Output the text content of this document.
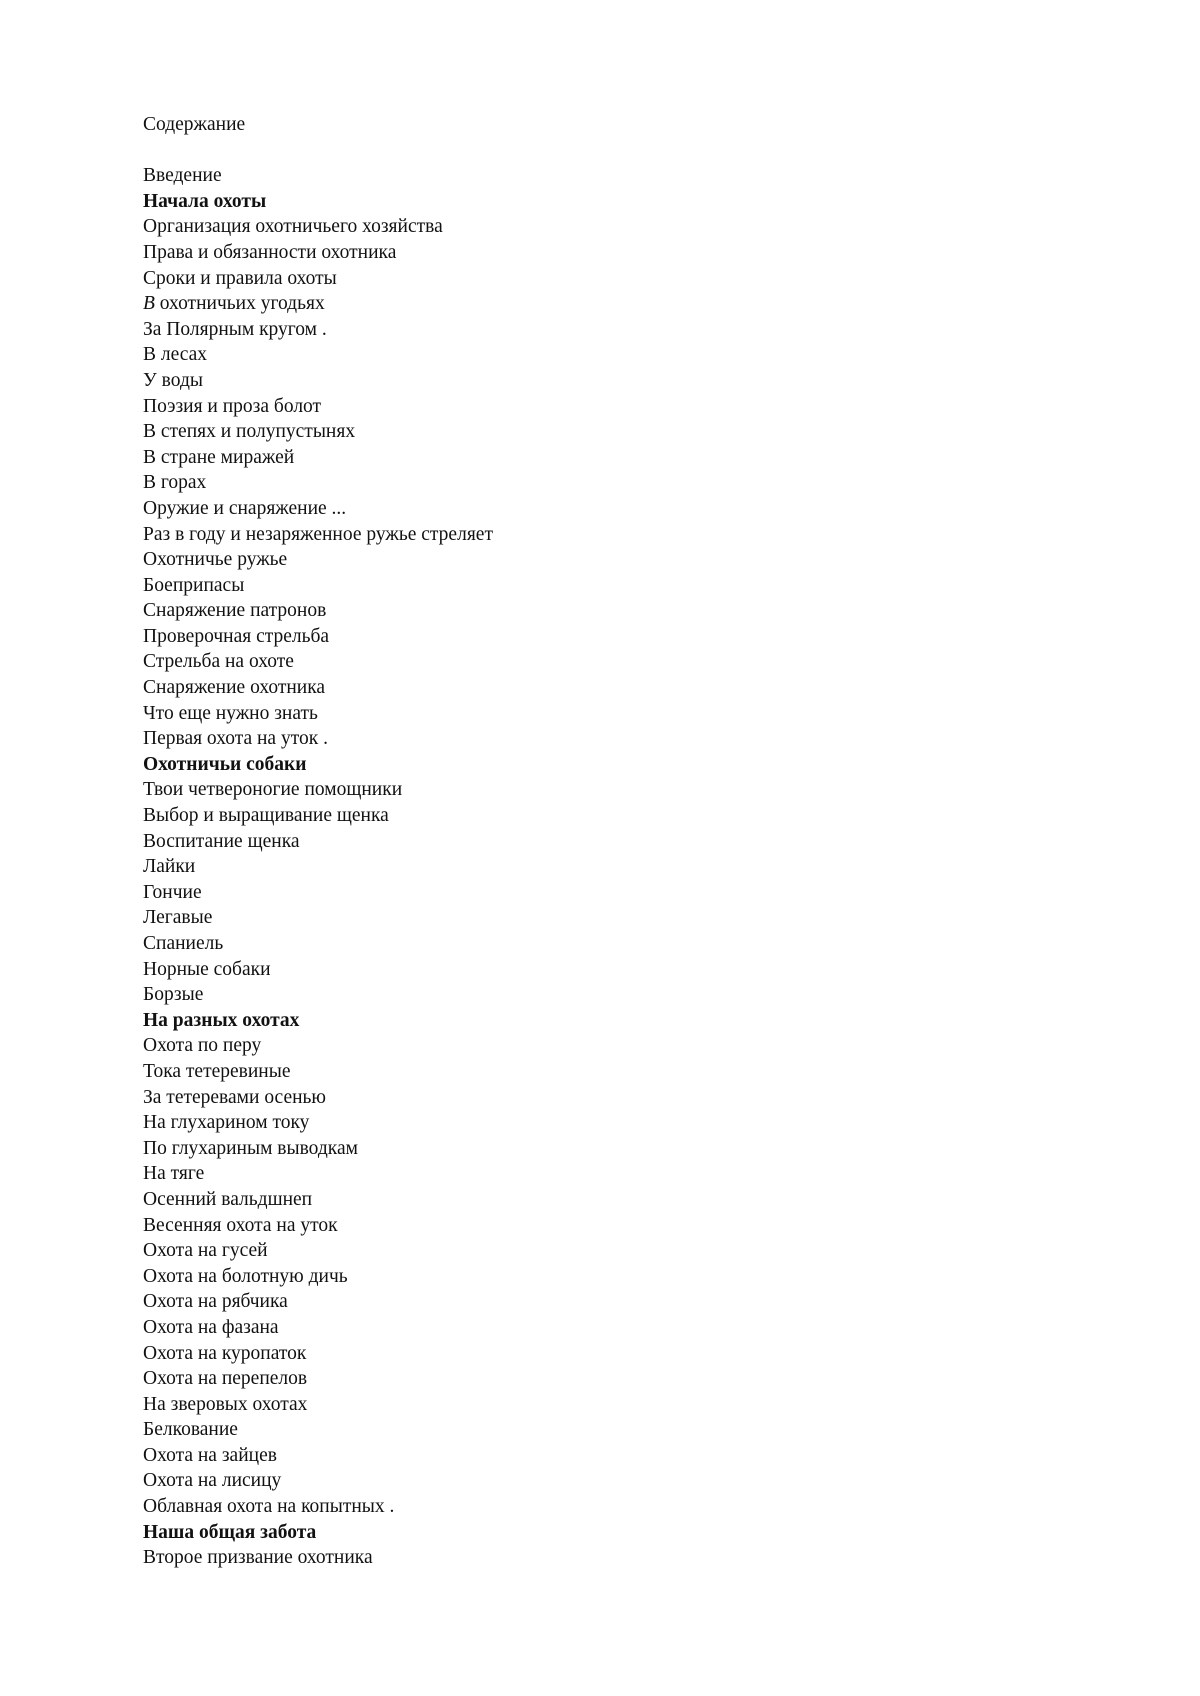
Содержание
Введение
Начала охоты
Организация охотничьего хозяйства
Права и обязанности охотника
Сроки и правила охоты
В охотничьих угодьях
За Полярным кругом .
В лесах
У воды
Поэзия и проза болот
В степях и полупустынях
В стране миражей
В горах
Оружие и снаряжение ...
Раз в году и незаряженное ружье стреляет
Охотничье ружье
Боеприпасы
Снаряжение патронов
Проверочная стрельба
Стрельба на охоте
Снаряжение охотника
Что еще нужно знать
Первая охота на уток .
Охотничьи собаки
Твои четвероногие помощники
Выбор и выращивание щенка
Воспитание щенка
Лайки
Гончие
Легавые
Спаниель
Норные собаки
Борзые
На разных охотах
Охота по перу
Тока тетеревиные
За тетеревами осенью
На глухарином току
По глухариным выводкам
На тяге
Осенний вальдшнеп
Весенняя охота на уток
Охота на гусей
Охота на болотную дичь
Охота на рябчика
Охота на фазана
Охота на куропаток
Охота на перепелов
На зверовых охотах
Белкование
Охота на зайцев
Охота на лисицу
Облавная охота на копытных .
Наша общая забота
Второе призвание охотника
